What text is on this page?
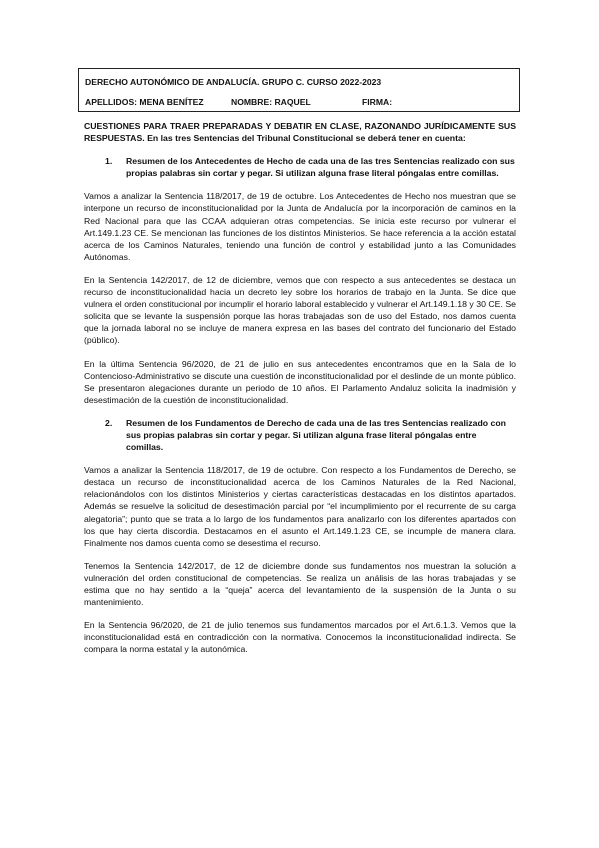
DERECHO AUTONÓMICO DE ANDALUCÍA. GRUPO C. CURSO 2022-2023
APELLIDOS: MENA BENÍTEZ	NOMBRE: RAQUEL	FIRMA:

CUESTIONES PARA TRAER PREPARADAS Y DEBATIR EN CLASE, RAZONANDO JURÍDICAMENTE SUS RESPUESTAS. En las tres Sentencias del Tribunal Constitucional se deberá tener en cuenta:

1.	Resumen de los Antecedentes de Hecho de cada una de las tres Sentencias realizado con sus propias palabras sin cortar y pegar. Si utilizan alguna frase literal póngalas entre comillas.

Vamos a analizar la Sentencia 118/2017, de 19 de octubre. Los Antecedentes de Hecho nos muestran que se interpone un recurso de inconstitucionalidad por la Junta de Andalucía por la incorporación de caminos en la Red Nacional para que las CCAA adquieran otras competencias. Se inicia este recurso por vulnerar el Art.149.1.23 CE. Se mencionan las funciones de los distintos Ministerios. Se hace referencia a la acción estatal acerca de los Caminos Naturales, teniendo una función de control y estabilidad junto a las Comunidades Autónomas.

En la Sentencia 142/2017, de 12 de diciembre, vemos que con respecto a sus antecedentes se destaca un recurso de inconstitucionalidad hacia un decreto ley sobre los horarios de trabajo en la Junta. Se dice que vulnera el orden constitucional por incumplir el horario laboral establecido y vulnerar el Art.149.1.18 y 30 CE. Se solicita que se levante la suspensión porque las horas trabajadas son de uso del Estado, nos damos cuenta que la jornada laboral no se incluye de manera expresa en las bases del contrato del funcionario del Estado (público).

En la última Sentencia 96/2020, de 21 de julio en sus antecedentes encontramos que en la Sala de lo Contencioso-Administrativo se discute una cuestión de inconstitucionalidad por el deslinde de un monte público. Se presentaron alegaciones durante un periodo de 10 años. El Parlamento Andaluz solicita la inadmisión y desestimación de la cuestión de inconstitucionalidad.

2.	Resumen de los Fundamentos de Derecho de cada una de las tres Sentencias realizado con sus propias palabras sin cortar y pegar. Si utilizan alguna frase literal póngalas entre comillas.

Vamos a analizar la Sentencia 118/2017, de 19 de octubre. Con respecto a los Fundamentos de Derecho, se destaca un recurso de inconstitucionalidad acerca de los Caminos Naturales de la Red Nacional, relacionándolos con los distintos Ministerios y ciertas características destacadas en los distintos apartados. Además se resuelve la solicitud de desestimación parcial por “el incumplimiento por el recurrente de su carga alegatoria”; punto que se trata a lo largo de los fundamentos para analizarlo con los diferentes apartados con los que hay cierta discordia. Destacamos en el asunto el Art.149.1.23 CE, se incumple de manera clara. Finalmente nos damos cuenta como se desestima el recurso.

Tenemos la Sentencia 142/2017, de 12 de diciembre donde sus fundamentos nos muestran la solución a vulneración del orden constitucional de competencias. Se realiza un análisis de las horas trabajadas y se estima que no hay sentido a la “queja” acerca del levantamiento de la suspensión de la Junta o su mantenimiento.

En la Sentencia 96/2020, de 21 de julio tenemos sus fundamentos marcados por el Art.6.1.3. Vemos que la inconstitucionalidad está en contradicción con la normativa. Conocemos la inconstitucionalidad indirecta. Se compara la norma estatal y la autonómica.
